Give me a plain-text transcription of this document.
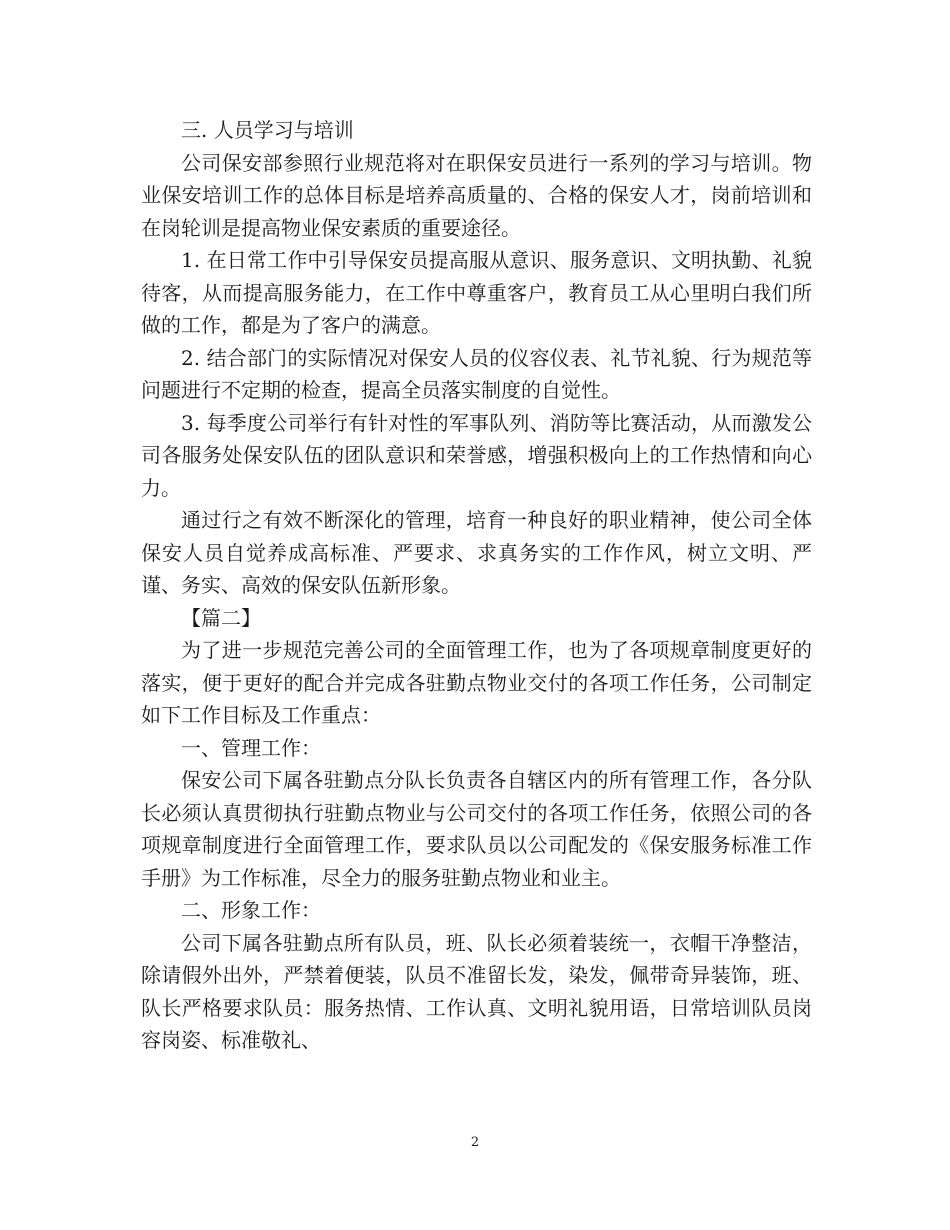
三. 人员学习与培训

公司保安部参照行业规范将对在职保安员进行一系列的学习与培训。物业保安培训工作的总体目标是培养高质量的、合格的保安人才，岗前培训和在岗轮训是提高物业保安素质的重要途径。

1. 在日常工作中引导保安员提高服从意识、服务意识、文明执勤、礼貌待客，从而提高服务能力，在工作中尊重客户，教育员工从心里明白我们所做的工作，都是为了客户的满意。

2. 结合部门的实际情况对保安人员的仪容仪表、礼节礼貌、行为规范等问题进行不定期的检查，提高全员落实制度的自觉性。

3. 每季度公司举行有针对性的军事队列、消防等比赛活动，从而激发公司各服务处保安队伍的团队意识和荣誉感，增强积极向上的工作热情和向心力。

通过行之有效不断深化的管理，培育一种良好的职业精神，使公司全体保安人员自觉养成高标准、严要求、求真务实的工作作风，树立文明、严谨、务实、高效的保安队伍新形象。

【篇二】

为了进一步规范完善公司的全面管理工作，也为了各项规章制度更好的落实，便于更好的配合并完成各驻勤点物业交付的各项工作任务，公司制定如下工作目标及工作重点：

一、管理工作：

保安公司下属各驻勤点分队长负责各自辖区内的所有管理工作，各分队长必须认真贯彻执行驻勤点物业与公司交付的各项工作任务，依照公司的各项规章制度进行全面管理工作，要求队员以公司配发的《保安服务标准工作手册》为工作标准，尽全力的服务驻勤点物业和业主。

二、形象工作：

公司下属各驻勤点所有队员，班、队长必须着装统一，衣帽干净整洁，除请假外出外，严禁着便装，队员不准留长发，染发，佩带奇异装饰，班、队长严格要求队员：服务热情、工作认真、文明礼貌用语，日常培训队员岗容岗姿、标准敬礼、

2
